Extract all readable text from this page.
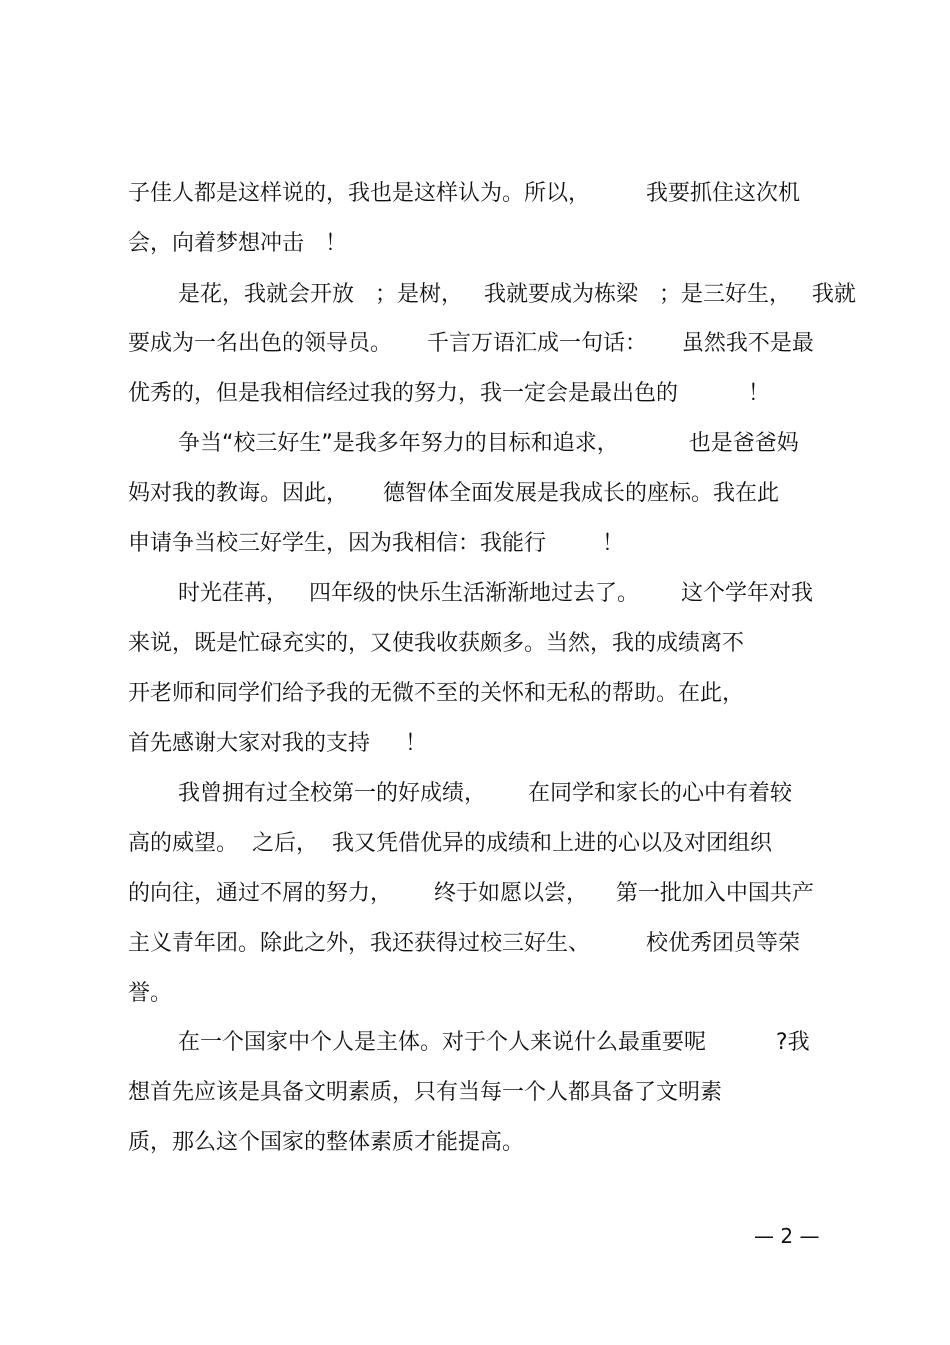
子佳人都是这样说的，我也是这样认为。所以，        我要抓住这次机

会，向着梦想冲击   ！

是花，我就会开放   ；是树，   我就要成为栋梁   ；是三好生，   我就

要成为一名出色的领导员。     千言万语汇成一句话：     虽然我不是最

优秀的，但是我相信经过我的努力，我一定会是最出色的          ！

争当“校三好生”是我多年努力的目标和追求，          也是爸爸妈

妈对我的教诲。因此，     德智体全面发展是我成长的座标。我在此

申请争当校三好学生，因为我相信：我能行        ！

时光荏苒，   四年级的快乐生活渐渐地过去了。      这个学年对我

来说，既是忙碌充实的，又使我收获颇多。当然，我的成绩离不

开老师和同学们给予我的无微不至的关怀和无私的帮助。在此，

首先感谢大家对我的支持     ！

我曾拥有过全校第一的好成绩，      在同学和家长的心中有着较

高的威望。  之后，  我又凭借优异的成绩和上进的心以及对团组织

的向往，通过不屑的努力，      终于如愿以尝，    第一批加入中国共产

主义青年团。除此之外，我还获得过校三好生、        校优秀团员等荣

誉。

在一个国家中个人是主体。对于个人来说什么最重要呢          ?我

想首先应该是具备文明素质，只有当每一个人都具备了文明素

质，那么这个国家的整体素质才能提高。

— 2 —
